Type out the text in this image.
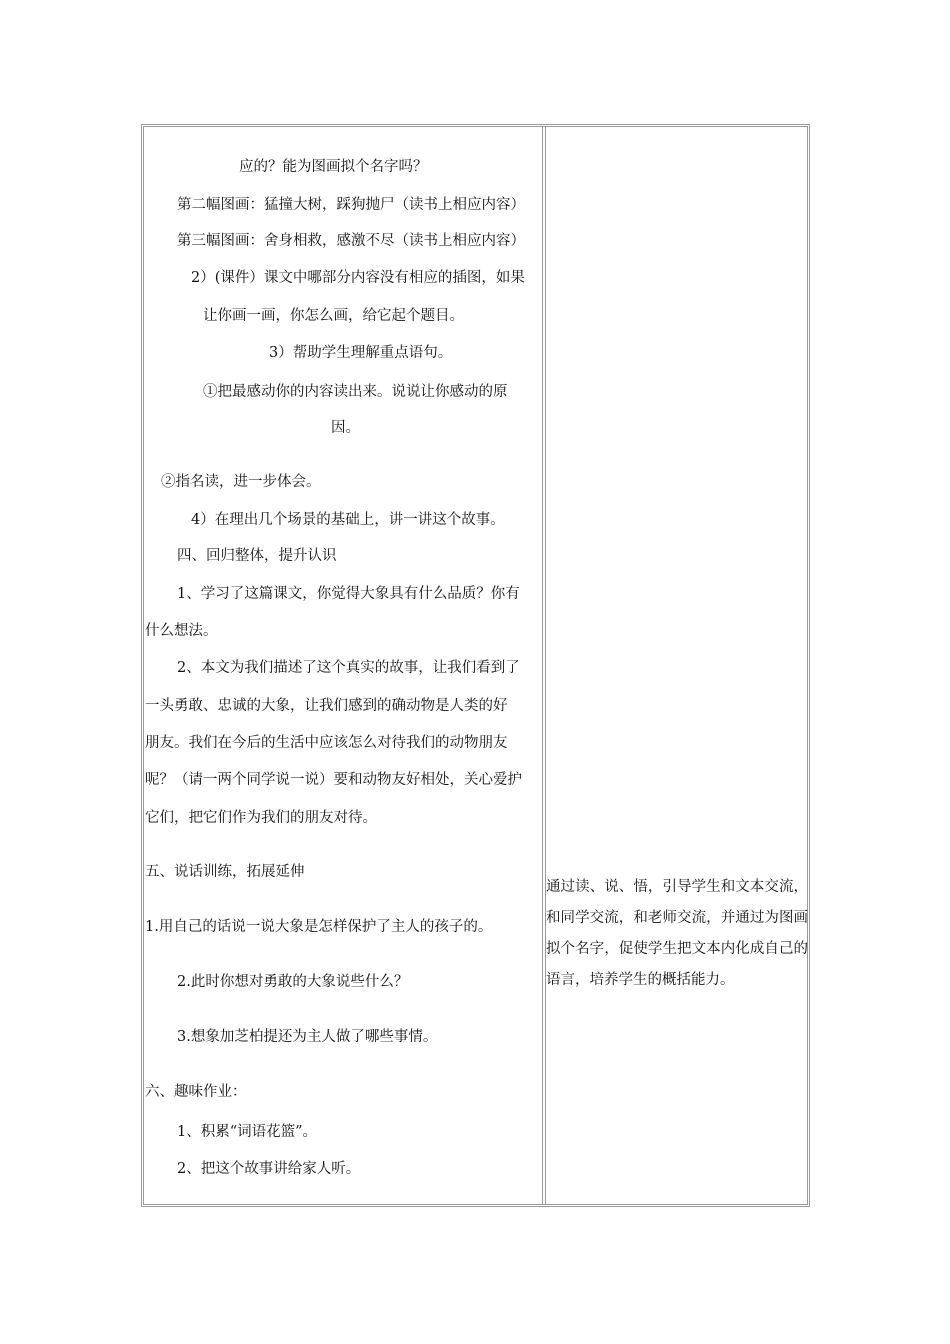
应的？能为图画拟个名字吗？
第二幅图画：猛撞大树，踩狗抛尸（读书上相应内容）
第三幅图画：舍身相救，感激不尽（读书上相应内容）
2）(课件）课文中哪部分内容没有相应的插图，如果
让你画一画，你怎么画，给它起个题目。
3）帮助学生理解重点语句。
①把最感动你的内容读出来。说说让你感动的原
因。
②指名读，进一步体会。
4）在理出几个场景的基础上，讲一讲这个故事。
四、回归整体，提升认识
1、学习了这篇课文，你觉得大象具有什么品质？你有
什么想法。
2、本文为我们描述了这个真实的故事，让我们看到了
一头勇敢、忠诚的大象，让我们感到的确动物是人类的好
朋友。我们在今后的生活中应该怎么对待我们的动物朋友
呢？（请一两个同学说一说）要和动物友好相处，关心爱护
它们，把它们作为我们的朋友对待。
五、说话训练，拓展延伸
1.用自己的话说一说大象是怎样保护了主人的孩子的。
2.此时你想对勇敢的大象说些什么？
3.想象加芝柏提还为主人做了哪些事情。
六、趣味作业：
1、积累“词语花篮”。
2、把这个故事讲给家人听。
通过读、说、悟，引导学生和文本交流，和同学交流，和老师交流，并通过为图画拟个名字，促使学生把文本内化成自己的语言，培养学生的概括能力。
